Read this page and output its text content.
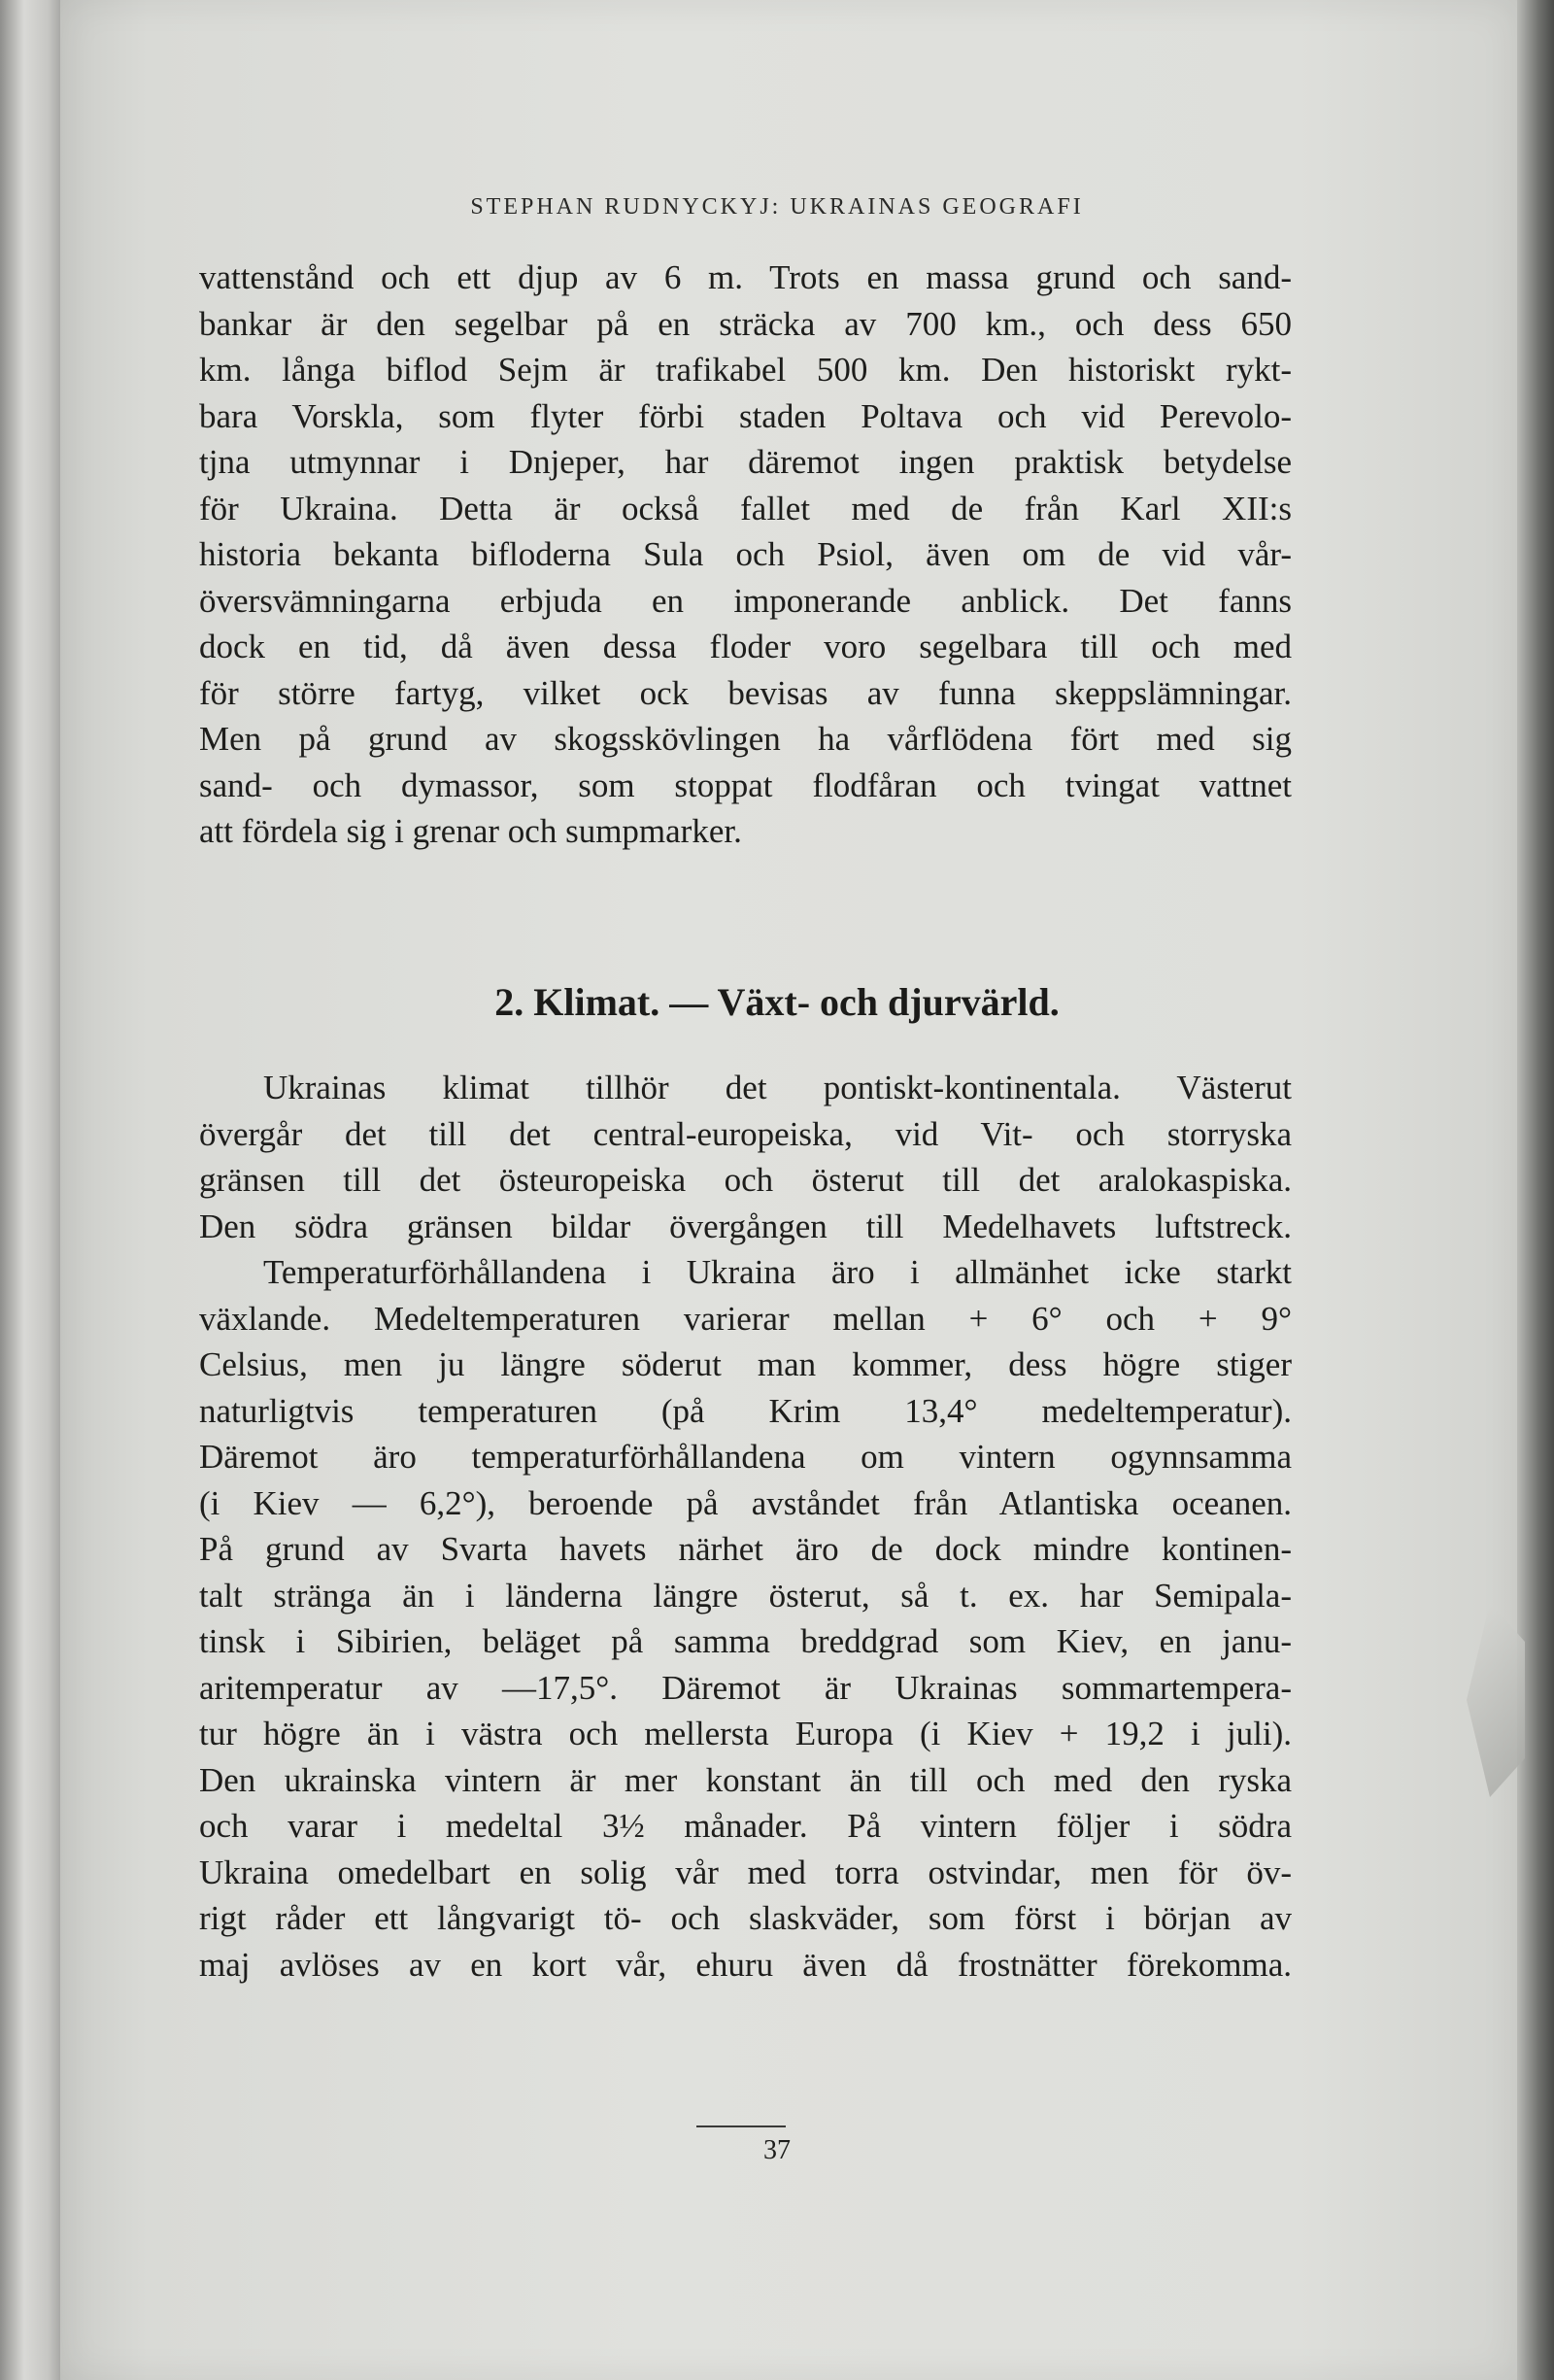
STEPHAN RUDNYCKYJ: UKRAINAS GEOGRAFI
vattenstånd och ett djup av 6 m. Trots en massa grund och sand-
bankar är den segelbar på en sträcka av 700 km., och dess 650
km. långa biflod Sejm är trafikabel 500 km. Den historiskt rykt-
bara Vorskla, som flyter förbi staden Poltava och vid Perevolo-
tjna utmynnar i Dnjeper, har däremot ingen praktisk betydelse
för Ukraina. Detta är också fallet med de från Karl XII:s
historia bekanta bifloderna Sula och Psiol, även om de vid vår-
översvämningarna erbjuda en imponerande anblick. Det fanns
dock en tid, då även dessa floder voro segelbara till och med
för större fartyg, vilket ock bevisas av funna skeppslämningar.
Men på grund av skogsskövlingen ha vårflödena fört med sig
sand- och dymassor, som stoppat flodfåran och tvingat vattnet
att fördela sig i grenar och sumpmarker.
2. Klimat. — Växt- och djurvärld.
Ukrainas klimat tillhör det pontiskt-kontinentala. Västerut
övergår det till det central-europeiska, vid Vit- och storryska
gränsen till det östeuropeiska och österut till det aralokaspiska.
Den södra gränsen bildar övergången till Medelhavets luftstreck.
Temperaturförhållandena i Ukraina äro i allmänhet icke starkt
växlande. Medeltemperaturen varierar mellan + 6° och + 9°
Celsius, men ju längre söderut man kommer, dess högre stiger
naturligtvis temperaturen (på Krim 13,4° medeltemperatur).
Däremot äro temperaturförhållandena om vintern ogynnsamma
(i Kiev — 6,2°), beroende på avståndet från Atlantiska oceanen.
På grund av Svarta havets närhet äro de dock mindre kontinen-
talt stränga än i länderna längre österut, så t. ex. har Semipala-
tinsk i Sibirien, beläget på samma breddgrad som Kiev, en janu-
aritemperatur av —17,5°. Däremot är Ukrainas sommartempera-
tur högre än i västra och mellersta Europa (i Kiev + 19,2 i juli).
Den ukrainska vintern är mer konstant än till och med den ryska
och varar i medeltal 3½ månader. På vintern följer i södra
Ukraina omedelbart en solig vår med torra ostvindar, men för öv-
rigt råder ett långvarigt tö- och slaskväder, som först i början av
maj avlöses av en kort vår, ehuru även då frostnätter förekomma.
37
